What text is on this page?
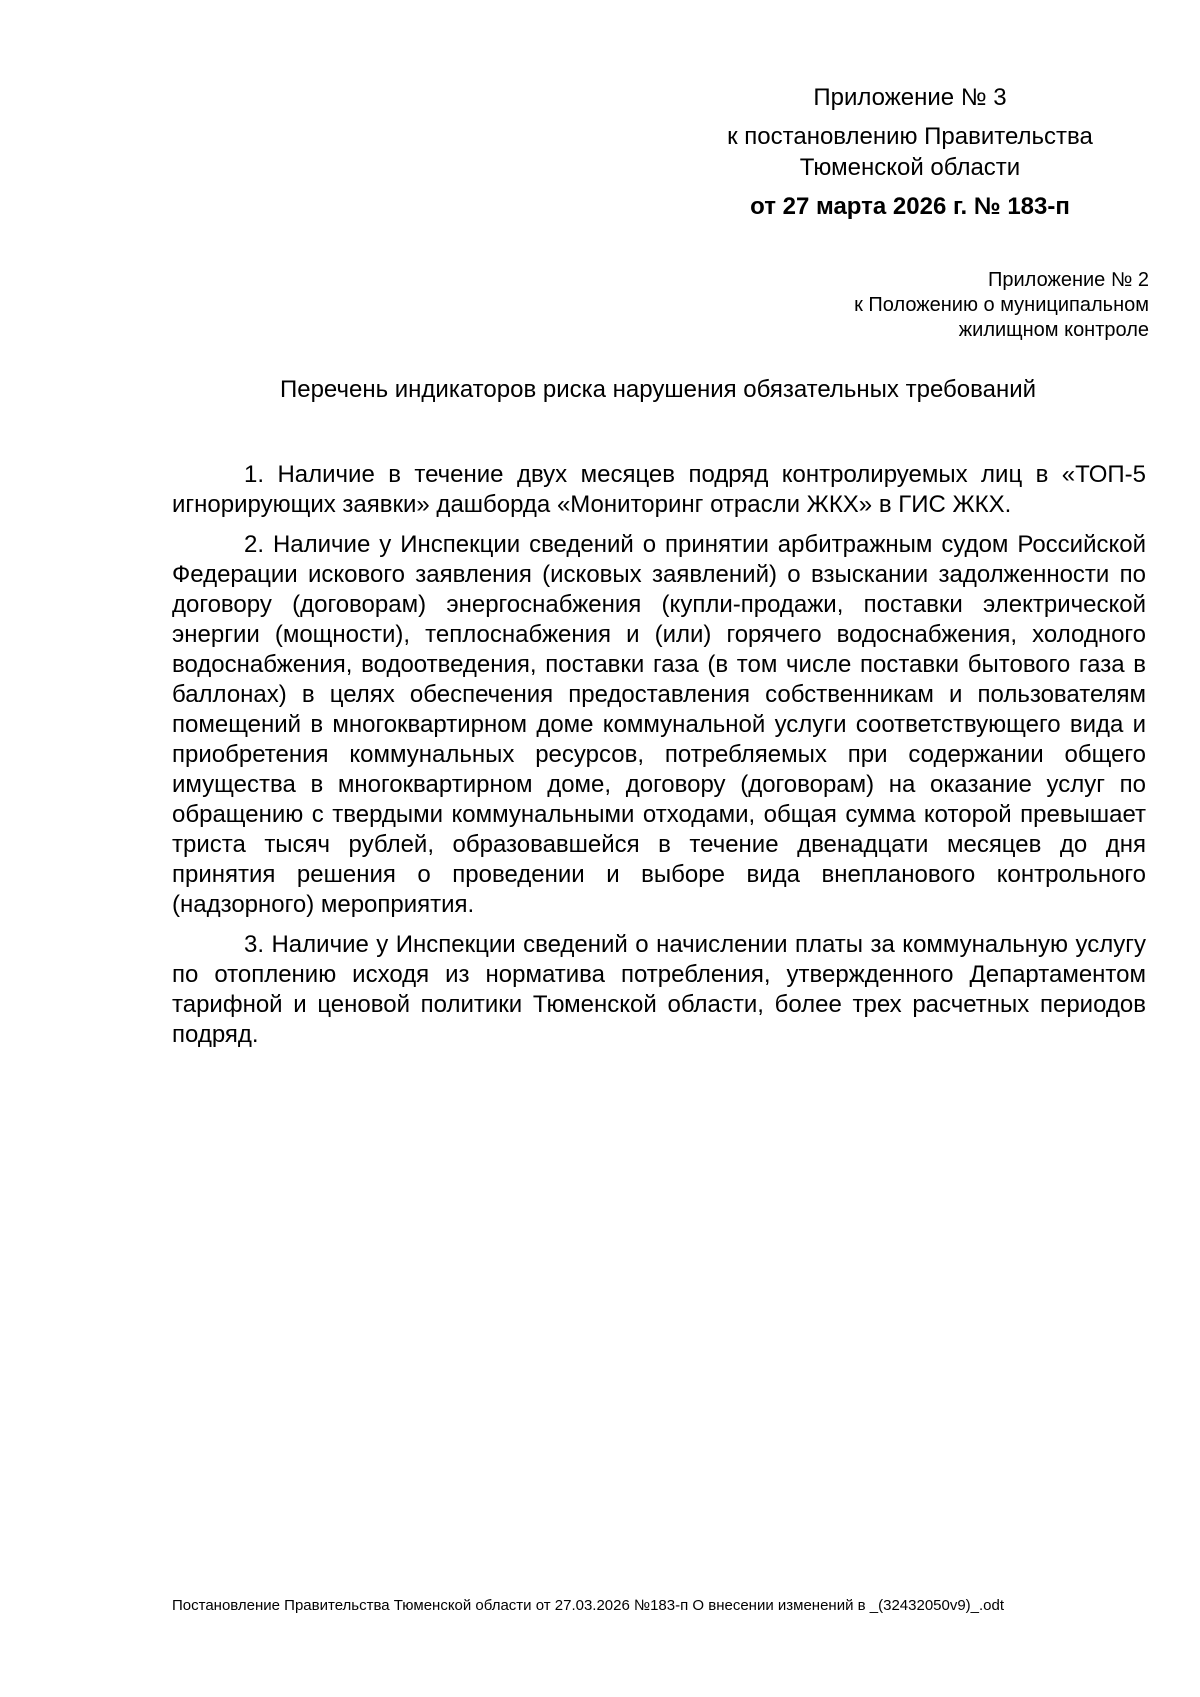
Приложение № 3
к постановлению Правительства
Тюменской области
от 27 марта 2026 г. № 183-п
Приложение № 2
к Положению о муниципальном
жилищном контроле
Перечень индикаторов риска нарушения обязательных требований

1. Наличие в течение двух месяцев подряд контролируемых лиц в «ТОП-5 игнорирующих заявки» дашборда «Мониторинг отрасли ЖКХ» в ГИС ЖКХ.

2. Наличие у Инспекции сведений о принятии арбитражным судом Российской Федерации искового заявления (исковых заявлений) о взыскании задолженности по договору (договорам) энергоснабжения (купли-продажи, поставки электрической энергии (мощности), теплоснабжения и (или) горячего водоснабжения, холодного водоснабжения, водоотведения, поставки газа (в том числе поставки бытового газа в баллонах) в целях обеспечения предоставления собственникам и пользователям помещений в многоквартирном доме коммунальной услуги соответствующего вида и приобретения коммунальных ресурсов, потребляемых при содержании общего имущества в многоквартирном доме, договору (договорам) на оказание услуг по обращению с твердыми коммунальными отходами, общая сумма которой превышает триста тысяч рублей, образовавшейся в течение двенадцати месяцев до дня принятия решения о проведении и выборе вида внепланового контрольного (надзорного) мероприятия.

3. Наличие у Инспекции сведений о начислении платы за коммунальную услугу по отоплению исходя из норматива потребления, утвержденного Департаментом тарифной и ценовой политики Тюменской области, более трех расчетных периодов подряд.

Постановление Правительства Тюменской области от 27.03.2026 №183-п О внесении изменений в _(32432050v9)_.odt
